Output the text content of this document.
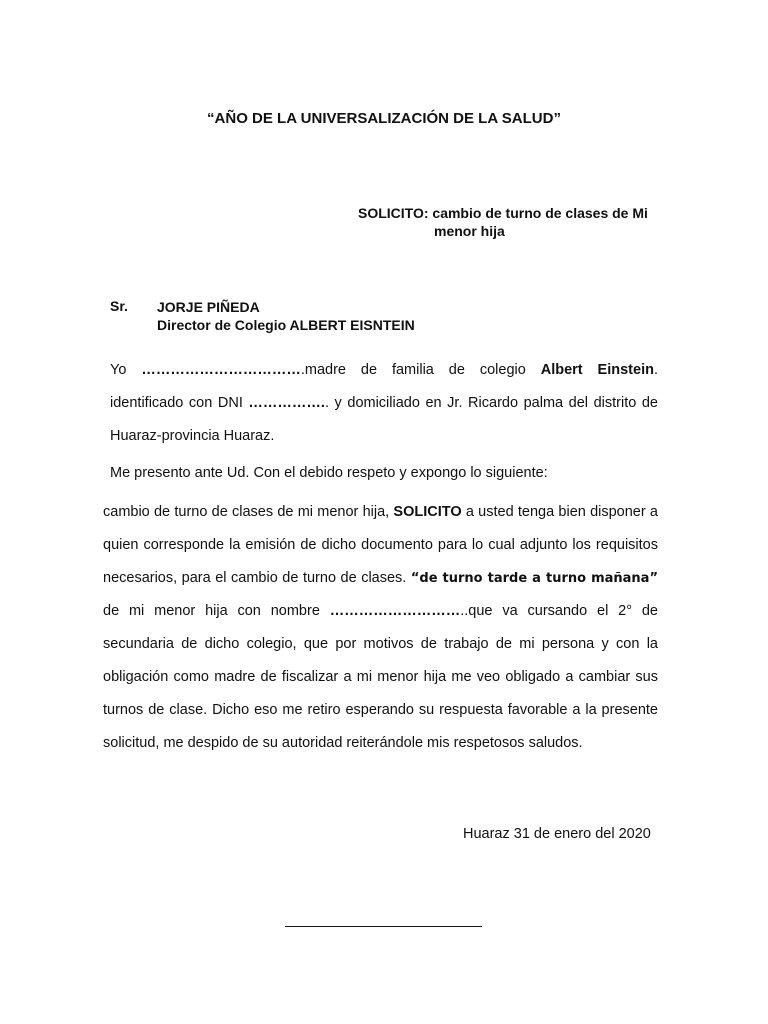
“AÑO DE LA UNIVERSALIZACIÓN DE LA SALUD”
SOLICITO: cambio de turno de clases de Mi
menor hija
Sr. JORJE PIÑEDA
Director de Colegio ALBERT EISNTEIN

Yo …………………………….madre de familia de colegio Albert Einstein. identificado con DNI …………….. y domiciliado en Jr. Ricardo palma del distrito de Huaraz-provincia Huaraz.

Me presento ante Ud. Con el debido respeto y expongo lo siguiente:

cambio de turno de clases de mi menor hija, SOLICITO a usted tenga bien disponer a quien corresponde la emisión de dicho documento para lo cual adjunto los requisitos necesarios, para el cambio de turno de clases. “de turno tarde a turno mañana” de mi menor hija con nombre ………………………..que va cursando el 2° de secundaria de dicho colegio, que por motivos de trabajo de mi persona y con la obligación como madre de fiscalizar a mi menor hija me veo obligado a cambiar sus turnos de clase. Dicho eso me retiro esperando su respuesta favorable a la presente solicitud, me despido de su autoridad reiterándole mis respetosos saludos.

Huaraz 31 de enero del 2020
